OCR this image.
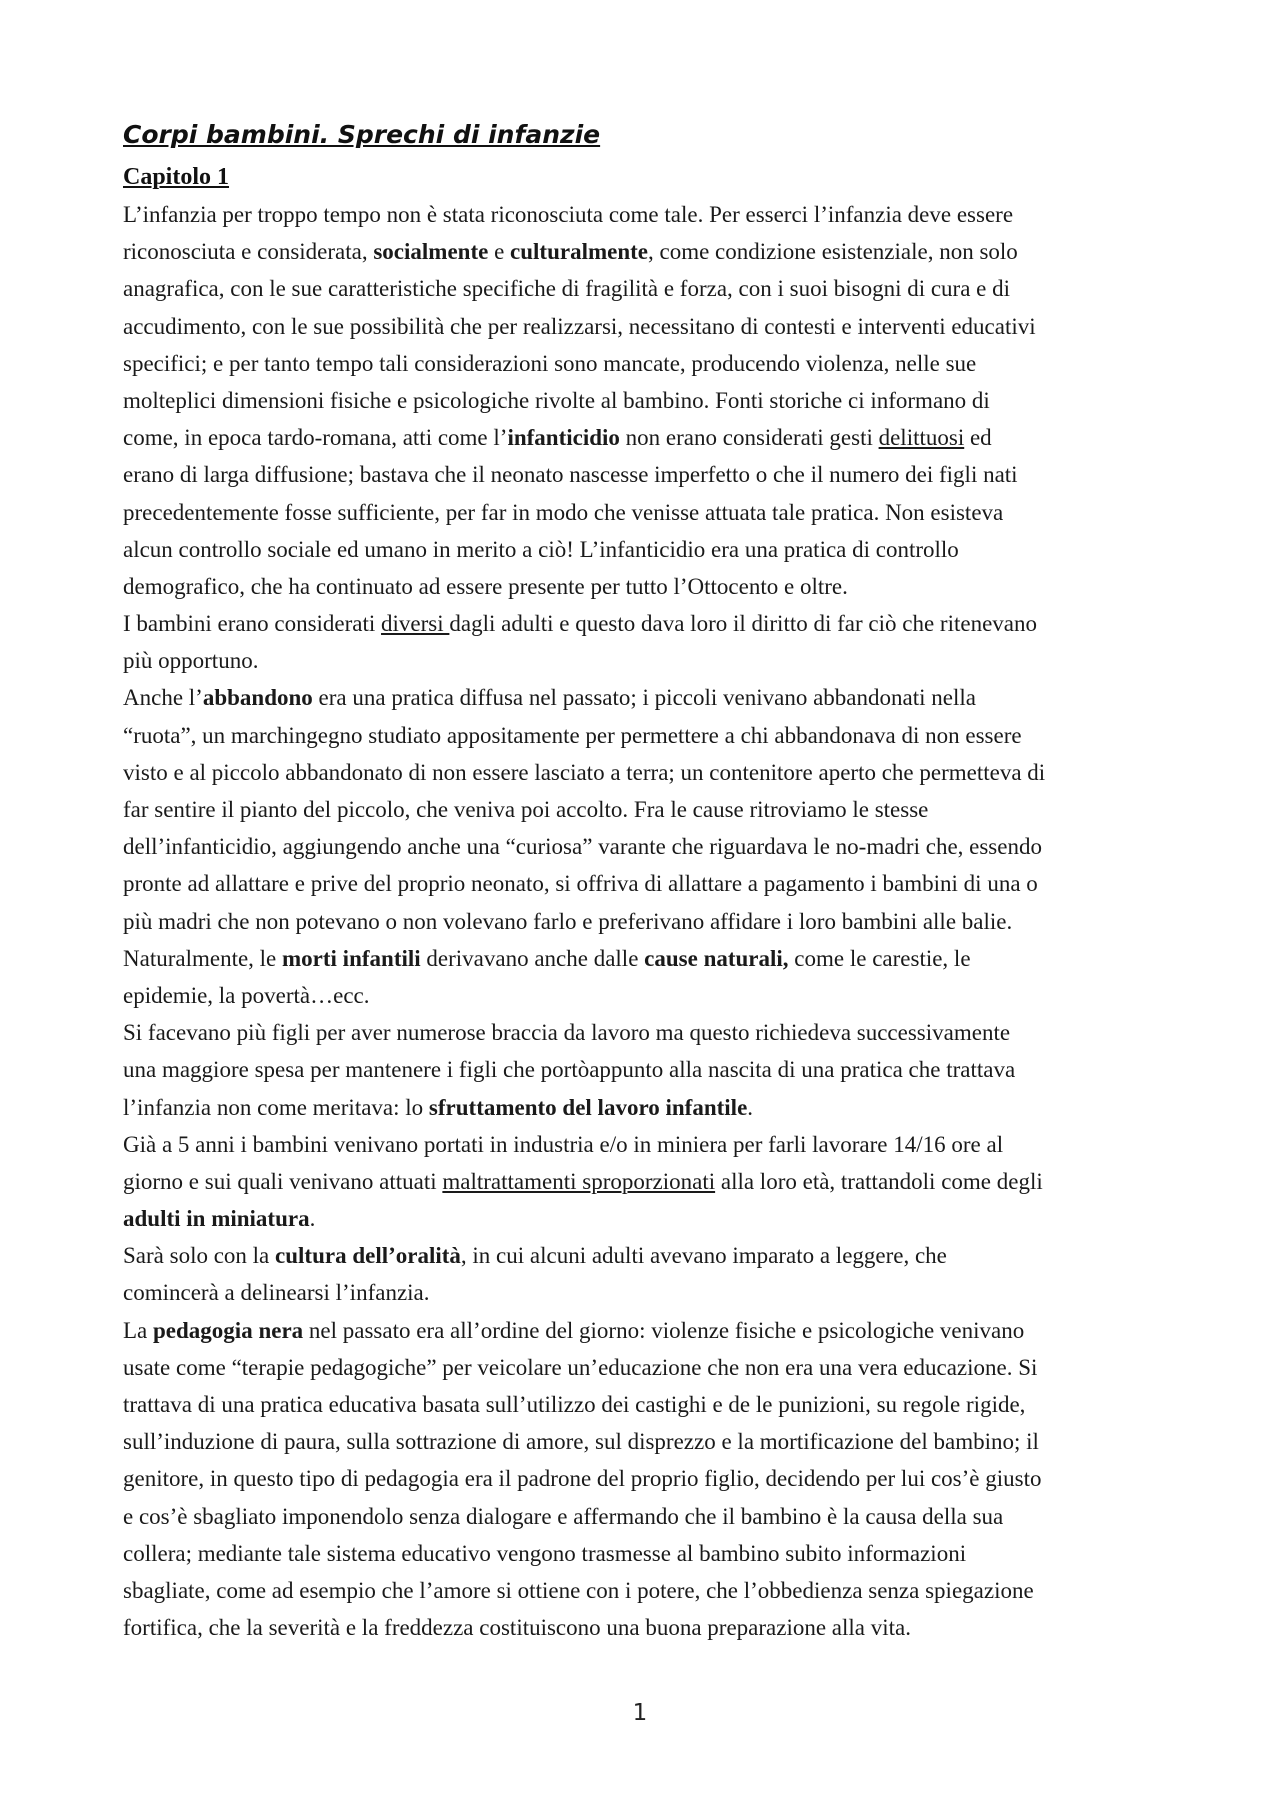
Corpi bambini. Sprechi di infanzie
Capitolo 1
L’infanzia per troppo tempo non è stata riconosciuta come tale. Per esserci l’infanzia deve essere
riconosciuta e considerata, socialmente e culturalmente, come condizione esistenziale, non solo
anagrafica, con le sue caratteristiche specifiche di fragilità e forza, con i suoi bisogni di cura e di
accudimento, con le sue possibilità che per realizzarsi, necessitano di contesti e interventi educativi
specifici; e per tanto tempo tali considerazioni sono mancate, producendo violenza, nelle sue
molteplici dimensioni fisiche e psicologiche rivolte al bambino. Fonti storiche ci informano di
come, in epoca tardo-romana, atti come l’infanticidio non erano considerati gesti delittuosi ed
erano di larga diffusione; bastava che il neonato nascesse imperfetto o che il numero dei figli nati
precedentemente fosse sufficiente, per far in modo che venisse attuata tale pratica. Non esisteva
alcun controllo sociale ed umano in merito a ciò! L’infanticidio era una pratica di controllo
demografico, che ha continuato ad essere presente per tutto l’Ottocento e oltre.
I bambini erano considerati diversi dagli adulti e questo dava loro il diritto di far ciò che ritenevano
più opportuno.
Anche l’abbandono era una pratica diffusa nel passato; i piccoli venivano abbandonati nella
“ruota”, un marchingegno studiato appositamente per permettere a chi abbandonava di non essere
visto e al piccolo abbandonato di non essere lasciato a terra; un contenitore aperto che permetteva di
far sentire il pianto del piccolo, che veniva poi accolto. Fra le cause ritroviamo le stesse
dell’infanticidio, aggiungendo anche una “curiosa” varante che riguardava le no-madri che, essendo
pronte ad allattare e prive del proprio neonato, si offriva di allattare a pagamento i bambini di una o
più madri che non potevano o non volevano farlo e preferivano affidare i loro bambini alle balie.
Naturalmente, le morti infantili derivavano anche dalle cause naturali, come le carestie, le
epidemie, la povertà…ecc.
Si facevano più figli per aver numerose braccia da lavoro ma questo richiedeva successivamente
una maggiore spesa per mantenere i figli che portòappunto alla nascita di una pratica che trattava
l’infanzia non come meritava: lo sfruttamento del lavoro infantile.
Già a 5 anni i bambini venivano portati in industria e/o in miniera per farli lavorare 14/16 ore al
giorno e sui quali venivano attuati maltrattamenti sproporzionati alla loro età, trattandoli come degli
adulti in miniatura.
Sarà solo con la cultura dell’oralità, in cui alcuni adulti avevano imparato a leggere, che
comincerà a delinearsi l’infanzia.
La pedagogia nera nel passato era all’ordine del giorno: violenze fisiche e psicologiche venivano
usate come “terapie pedagogiche” per veicolare un’educazione che non era una vera educazione. Si
trattava di una pratica educativa basata sull’utilizzo dei castighi e de le punizioni, su regole rigide,
sull’induzione di paura, sulla sottrazione di amore, sul disprezzo e la mortificazione del bambino; il
genitore, in questo tipo di pedagogia era il padrone del proprio figlio, decidendo per lui cos’è giusto
e cos’è sbagliato imponendolo senza dialogare e affermando che il bambino è la causa della sua
collera; mediante tale sistema educativo vengono trasmesse al bambino subito informazioni
sbagliate, come ad esempio che l’amore si ottiene con i potere, che l’obbedienza senza spiegazione
fortifica, che la severità e la freddezza costituiscono una buona preparazione alla vita.
1
